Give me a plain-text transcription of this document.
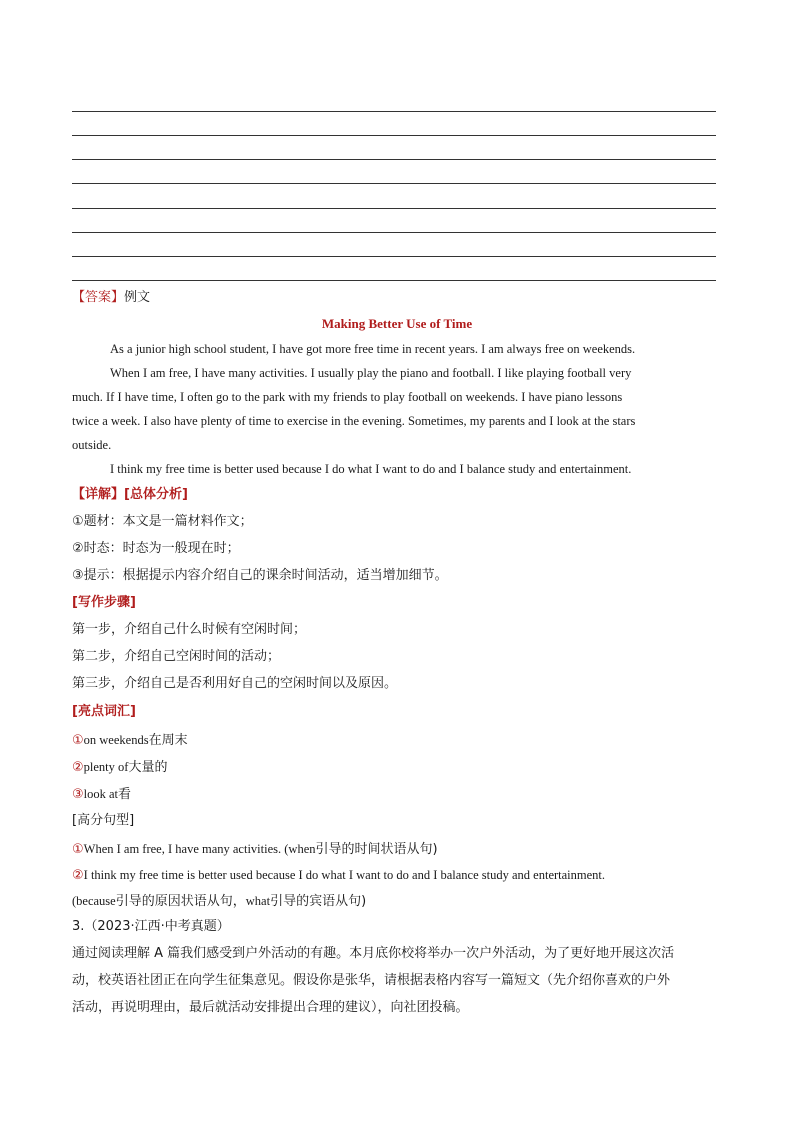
【答案】例文
Making Better Use of Time
As a junior high school student, I have got more free time in recent years. I am always free on weekends.
When I am free, I have many activities. I usually play the piano and football. I like playing football very
much. If I have time, I often go to the park with my friends to play football on weekends. I have piano lessons
twice a week. I also have plenty of time to exercise in the evening. Sometimes, my parents and I look at the stars
outside.
I think my free time is better used because I do what I want to do and I balance study and entertainment.
【详解】[总体分析]
①题材：本文是一篇材料作文；
②时态：时态为一般现在时；
③提示：根据提示内容介绍自己的课余时间活动，适当增加细节。
[写作步骤]
第一步，介绍自己什么时候有空闲时间；
第二步，介绍自己空闲时间的活动；
第三步，介绍自己是否利用好自己的空闲时间以及原因。
[亮点词汇]
①on weekends在周末
②plenty of大量的
③look at看
[高分句型]
①When I am free, I have many activities. (when引导的时间状语从句)
②I think my free time is better used because I do what I want to do and I balance study and entertainment.
(because引导的原因状语从句，what引导的宾语从句)
3.（2023·江西·中考真题）
通过阅读理解 A 篇我们感受到户外活动的有趣。本月底你校将举办一次户外活动，为了更好地开展这次活
动，校英语社团正在向学生征集意见。假设你是张华，请根据表格内容写一篇短文（先介绍你喜欢的户外
活动，再说明理由，最后就活动安排提出合理的建议），向社团投稿。
